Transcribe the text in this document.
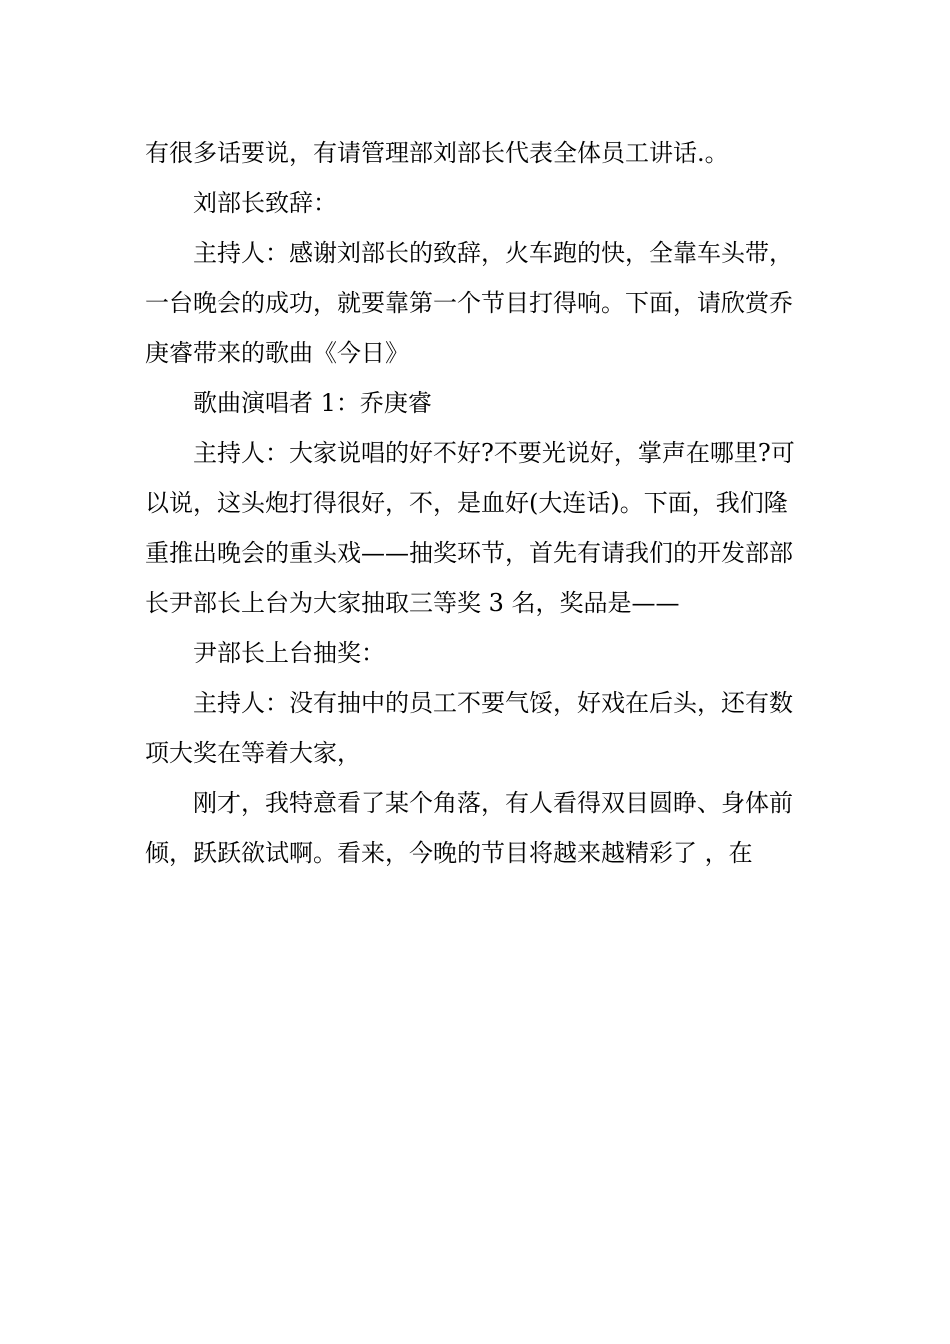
有很多话要说，有请管理部刘部长代表全体员工讲话.。
刘部长致辞：
主持人：感谢刘部长的致辞，火车跑的快，全靠车头带，
一台晚会的成功，就要靠第一个节目打得响。下面，请欣赏乔
庚睿带来的歌曲《今日》
歌曲演唱者 1：乔庚睿
主持人：大家说唱的好不好?不要光说好，掌声在哪里?可
以说，这头炮打得很好，不，是血好(大连话)。下面，我们隆
重推出晚会的重头戏——抽奖环节，首先有请我们的开发部部
长尹部长上台为大家抽取三等奖 3 名，奖品是——
尹部长上台抽奖：
主持人：没有抽中的员工不要气馁，好戏在后头，还有数
项大奖在等着大家，
刚才，我特意看了某个角落，有人看得双目圆睁、身体前
倾，跃跃欲试啊。看来，今晚的节目将越来越精彩了 ，在
